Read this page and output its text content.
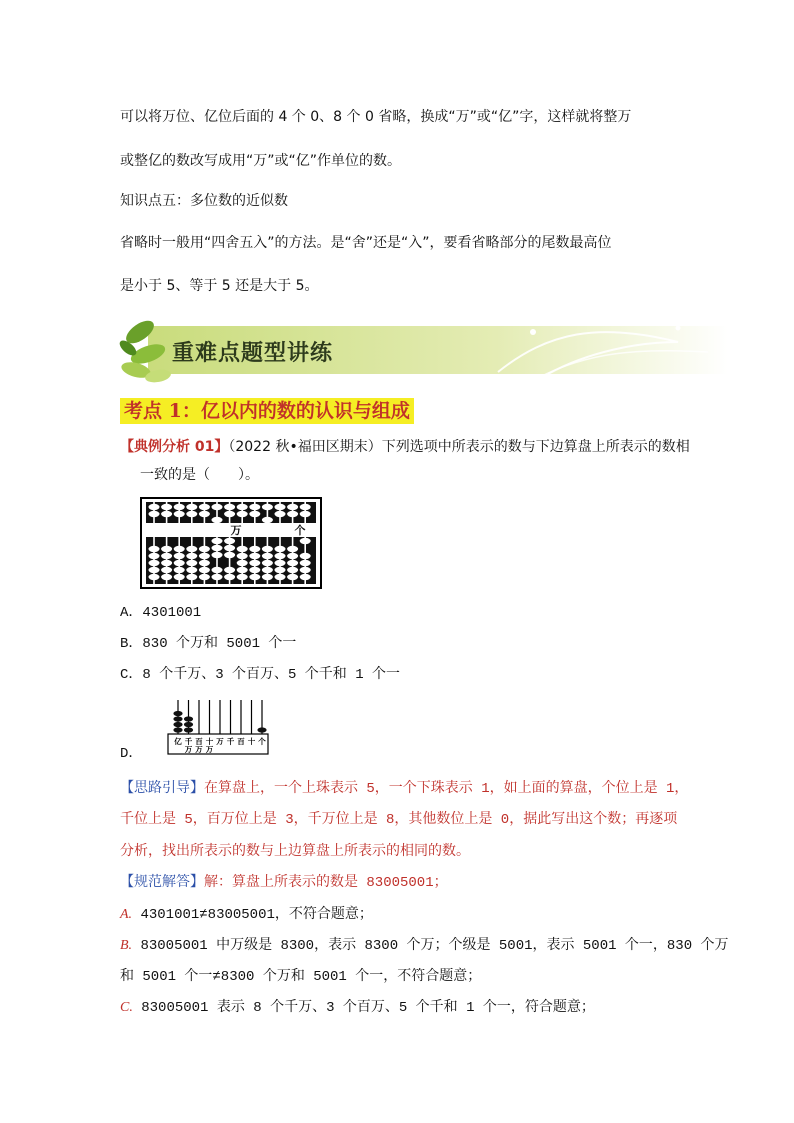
可以将万位、亿位后面的 4 个 0、8 个 0 省略，换成“万”或“亿”字，这样就将整万
或整亿的数改写成用“万”或“亿”作单位的数。
知识点五：多位数的近似数
省略时一般用“四舍五入”的方法。是“舍”还是“入”，要看省略部分的尾数最高位
是小于 5、等于 5 还是大于 5。
重难点题型讲练
考点 1：亿以内的数的认识与组成
【典例分析 01】（2022 秋•福田区期末）下列选项中所表示的数与下边算盘上所表示的数相
一致的是（　　）。
万	个
A．4301001
B．830 个万和 5001 个一
C．8 个千万、3 个百万、5 个千和 1 个一
D．
亿 千 百 十 万 千 百 十 个
万 万 万
【思路引导】在算盘上，一个上珠表示 5，一个下珠表示 1，如上面的算盘，个位上是 1，
千位上是 5，百万位上是 3，千万位上是 8，其他数位上是 0，据此写出这个数；再逐项
分析，找出所表示的数与上边算盘上所表示的相同的数。
【规范解答】解：算盘上所表示的数是 83005001；
A. 4301001≠83005001，不符合题意；
B. 83005001 中万级是 8300，表示 8300 个万；个级是 5001，表示 5001 个一，830 个万
和 5001 个一≠8300 个万和 5001 个一，不符合题意；
C. 83005001 表示 8 个千万、3 个百万、5 个千和 1 个一，符合题意；
